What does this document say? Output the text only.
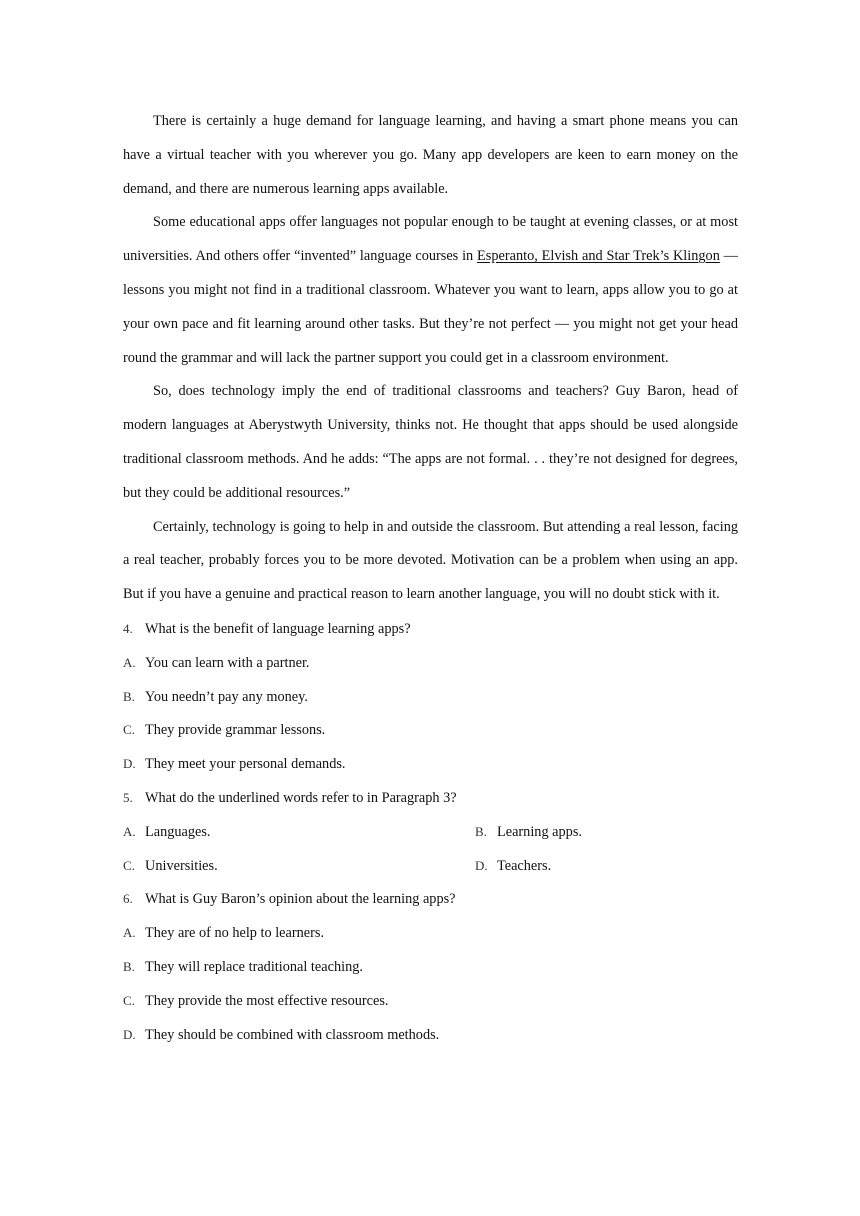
There is certainly a huge demand for language learning, and having a smart phone means you can have a virtual teacher with you wherever you go. Many app developers are keen to earn money on the demand, and there are numerous learning apps available.

Some educational apps offer languages not popular enough to be taught at evening classes, or at most universities. And others offer “invented” language courses in Esperanto, Elvish and Star Trek’s Klingon — lessons you might not find in a traditional classroom. Whatever you want to learn, apps allow you to go at your own pace and fit learning around other tasks. But they’re not perfect — you might not get your head round the grammar and will lack the partner support you could get in a classroom environment.

So, does technology imply the end of traditional classrooms and teachers? Guy Baron, head of modern languages at Aberystwyth University, thinks not. He thought that apps should be used alongside traditional classroom methods. And he adds: “The apps are not formal. . . they’re not designed for degrees, but they could be additional resources.”

Certainly, technology is going to help in and outside the classroom. But attending a real lesson, facing a real teacher, probably forces you to be more devoted. Motivation can be a problem when using an app. But if you have a genuine and practical reason to learn another language, you will no doubt stick with it.

4. What is the benefit of language learning apps?
A. You can learn with a partner.
B. You needn’t pay any money.
C. They provide grammar lessons.
D. They meet your personal demands.
5. What do the underlined words refer to in Paragraph 3?
A. Languages.	B. Learning apps.
C. Universities.	D. Teachers.
6. What is Guy Baron’s opinion about the learning apps?
A. They are of no help to learners.
B. They will replace traditional teaching.
C. They provide the most effective resources.
D. They should be combined with classroom methods.
